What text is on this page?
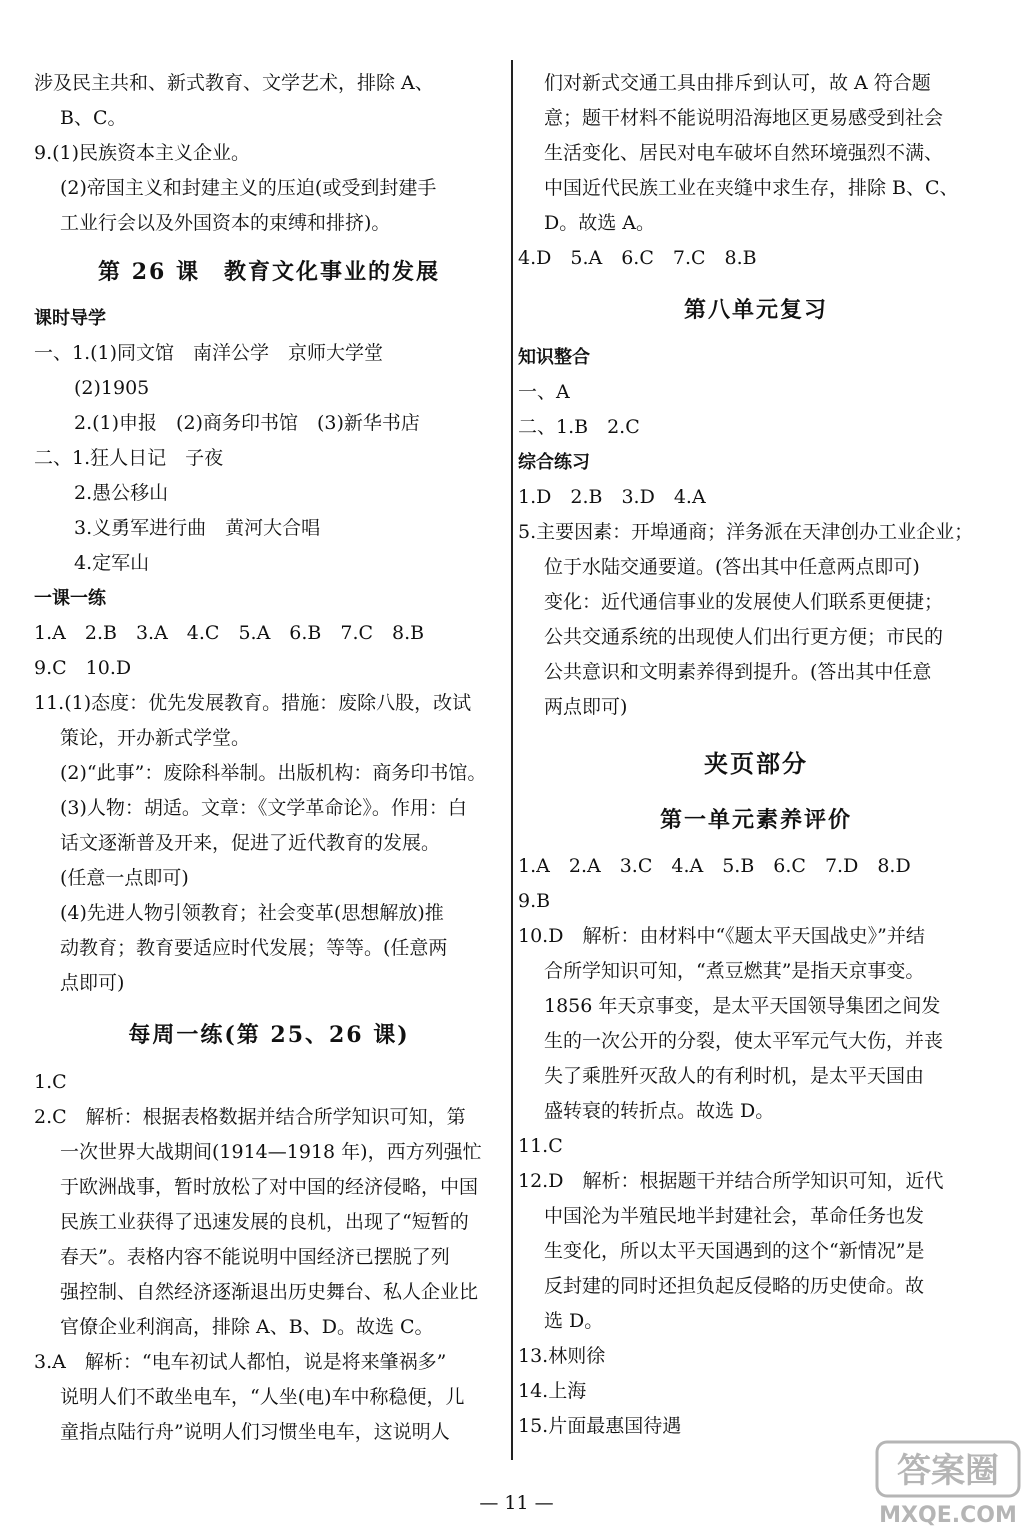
涉及民主共和、新式教育、文学艺术，排除 A、
B、C。
9.(1)民族资本主义企业。
(2)帝国主义和封建主义的压迫(或受到封建手
工业行会以及外国资本的束缚和排挤)。
第 26 课　教育文化事业的发展
课时导学
一、1.(1)同文馆　南洋公学　京师大学堂
(2)1905
2.(1)申报　(2)商务印书馆　(3)新华书店
二、1.狂人日记　子夜
2.愚公移山
3.义勇军进行曲　黄河大合唱
4.定军山
一课一练
1.A　2.B　3.A　4.C　5.A　6.B　7.C　8.B
9.C　10.D
11.(1)态度：优先发展教育。措施：废除八股，改试
策论，开办新式学堂。
(2)“此事”：废除科举制。出版机构：商务印书馆。
(3)人物：胡适。文章：《文学革命论》。作用：白
话文逐渐普及开来，促进了近代教育的发展。
(任意一点即可)
(4)先进人物引领教育；社会变革(思想解放)推
动教育；教育要适应时代发展；等等。(任意两
点即可)
每周一练(第 25、26 课)
1.C
2.C　解析：根据表格数据并结合所学知识可知，第
一次世界大战期间(1914—1918 年)，西方列强忙
于欧洲战事，暂时放松了对中国的经济侵略，中国
民族工业获得了迅速发展的良机，出现了“短暂的
春天”。表格内容不能说明中国经济已摆脱了列
强控制、自然经济逐渐退出历史舞台、私人企业比
官僚企业利润高，排除 A、B、D。故选 C。
3.A　解析：“电车初试人都怕，说是将来肇祸多”
说明人们不敢坐电车，“人坐(电)车中称稳便，儿
童指点陆行舟”说明人们习惯坐电车，这说明人
们对新式交通工具由排斥到认可，故 A 符合题
意；题干材料不能说明沿海地区更易感受到社会
生活变化、居民对电车破坏自然环境强烈不满、
中国近代民族工业在夹缝中求生存，排除 B、C、
D。故选 A。
4.D　5.A　6.C　7.C　8.B
第八单元复习
知识整合
一、A
二、1.B　2.C
综合练习
1.D　2.B　3.D　4.A
5.主要因素：开埠通商；洋务派在天津创办工业企业；
位于水陆交通要道。(答出其中任意两点即可)
变化：近代通信事业的发展使人们联系更便捷；
公共交通系统的出现使人们出行更方便；市民的
公共意识和文明素养得到提升。(答出其中任意
两点即可)
夹页部分
第一单元素养评价
1.A　2.A　3.C　4.A　5.B　6.C　7.D　8.D
9.B
10.D　解析：由材料中“《题太平天国战史》”并结
合所学知识可知，“煮豆燃萁”是指天京事变。
1856 年天京事变，是太平天国领导集团之间发
生的一次公开的分裂，使太平军元气大伤，并丧
失了乘胜歼灭敌人的有利时机，是太平天国由
盛转衰的转折点。故选 D。
11.C
12.D　解析：根据题干并结合所学知识可知，近代
中国沦为半殖民地半封建社会，革命任务也发
生变化，所以太平天国遇到的这个“新情况”是
反封建的同时还担负起反侵略的历史使命。故
选 D。
13.林则徐
14.上海
15.片面最惠国待遇
— 11 —
答案圈
MXQE.COM
